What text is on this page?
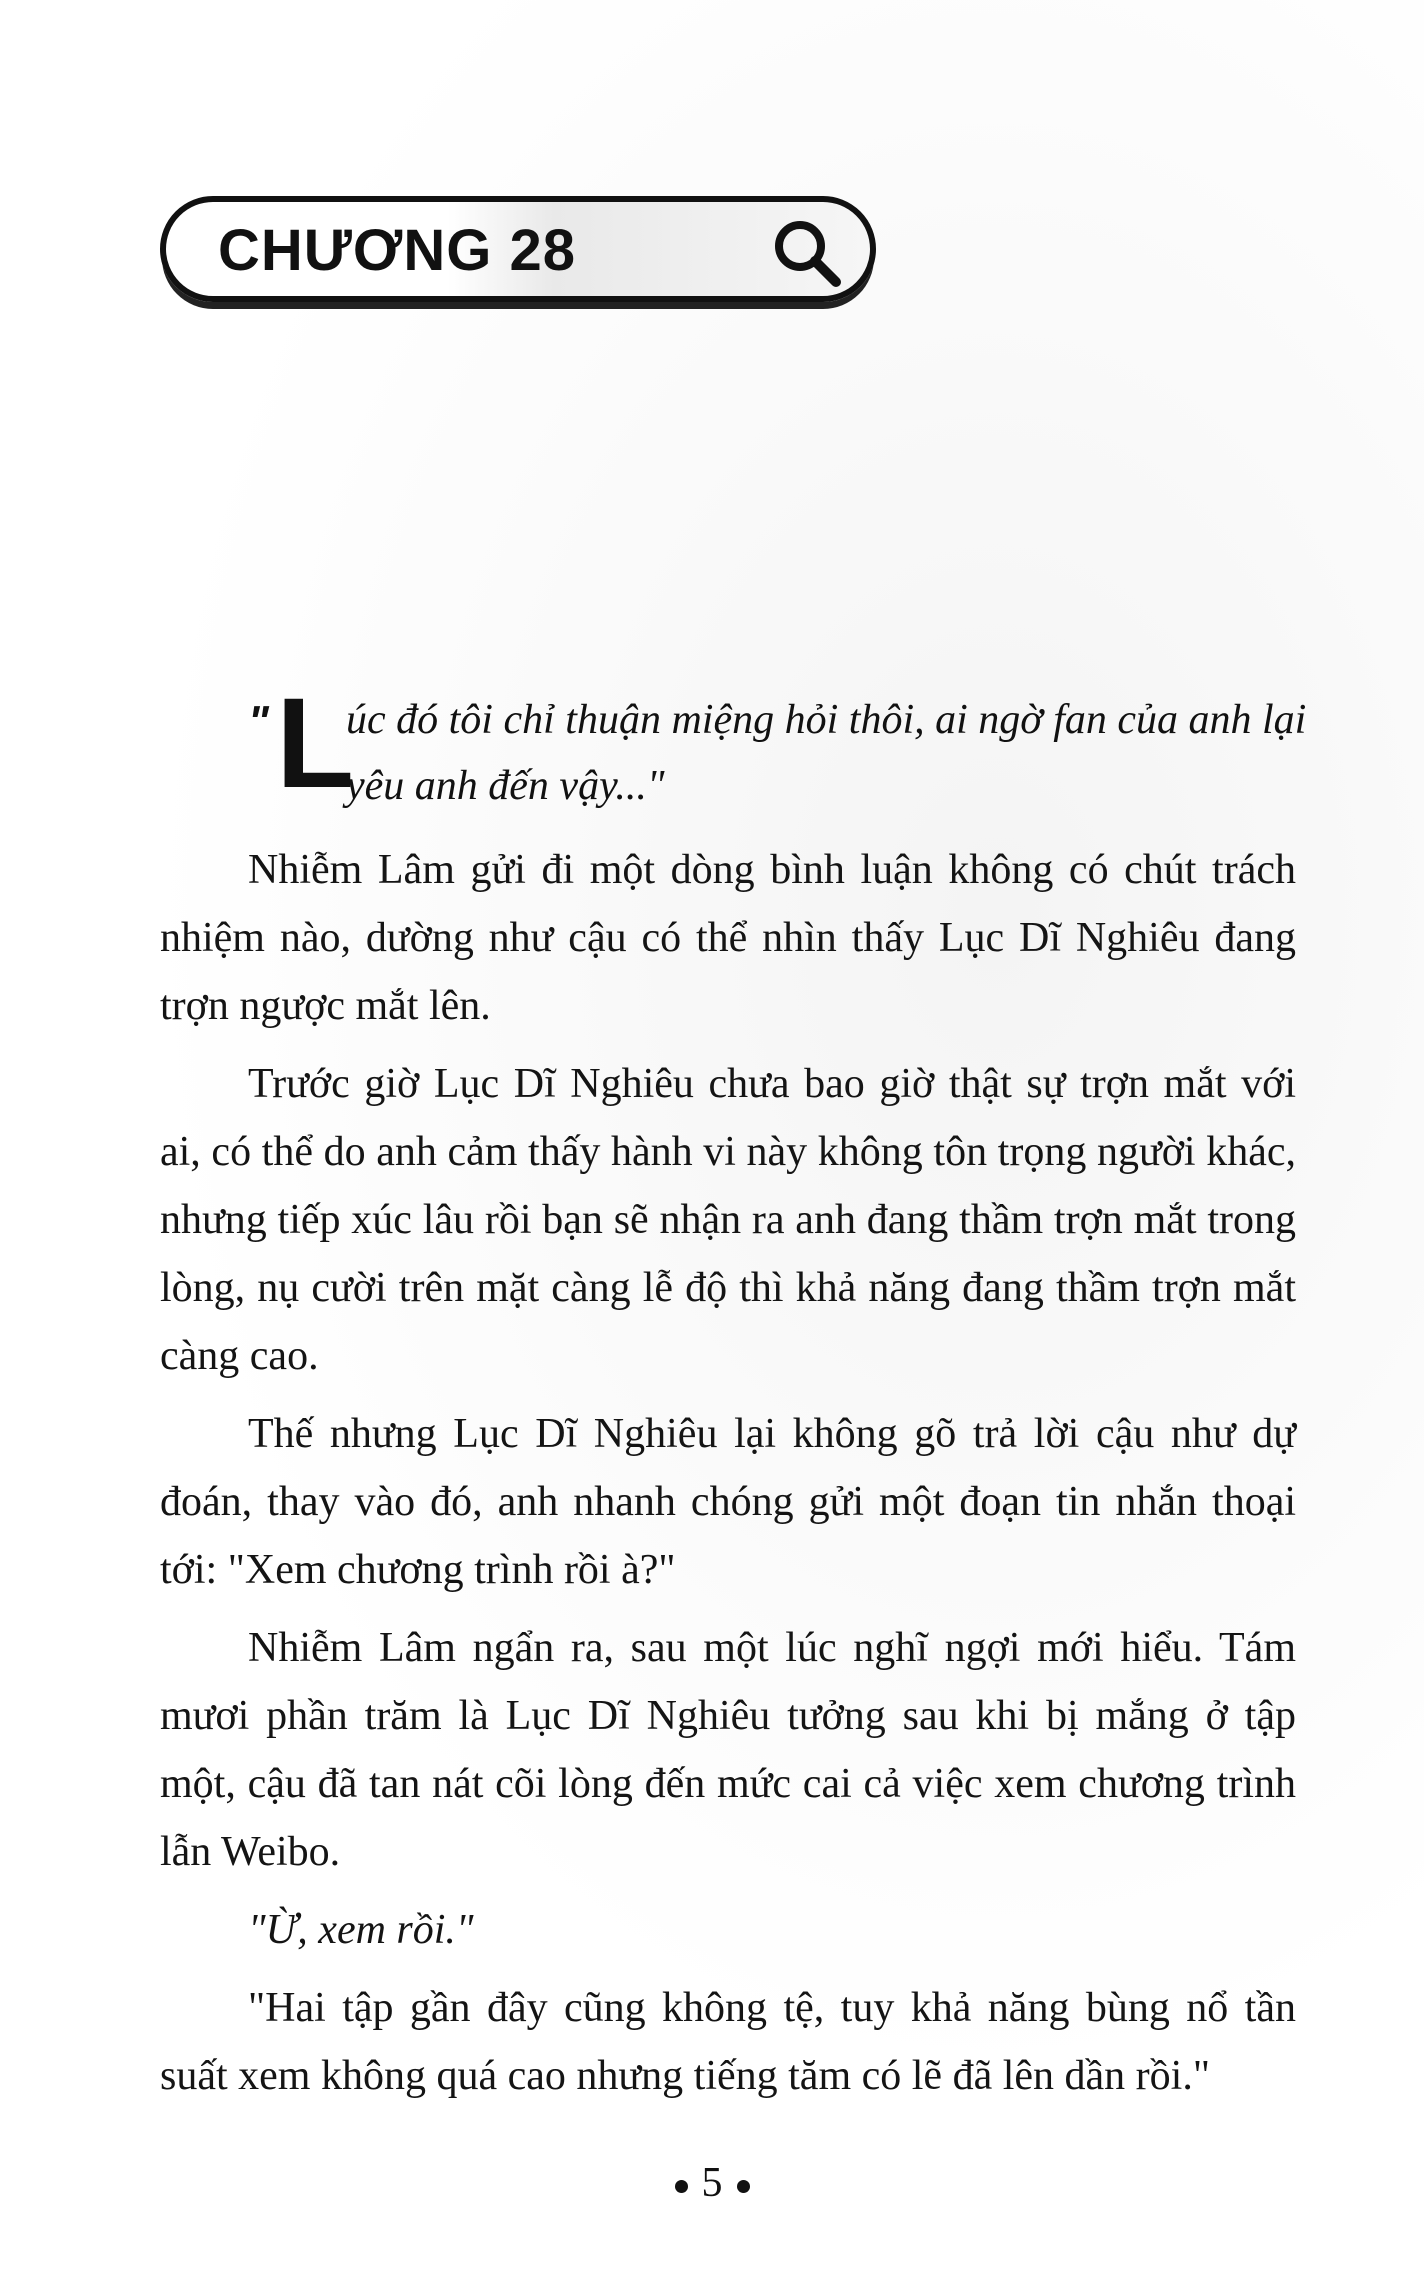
CHƯƠNG 28
" L
úc đó tôi chỉ thuận miệng hỏi thôi, ai ngờ fan của anh lại
yêu anh đến vậy..."

Nhiễm Lâm gửi đi một dòng bình luận không có chút trách nhiệm nào, dường như cậu có thể nhìn thấy Lục Dĩ Nghiêu đang trợn ngược mắt lên.

Trước giờ Lục Dĩ Nghiêu chưa bao giờ thật sự trợn mắt với ai, có thể do anh cảm thấy hành vi này không tôn trọng người khác, nhưng tiếp xúc lâu rồi bạn sẽ nhận ra anh đang thầm trợn mắt trong lòng, nụ cười trên mặt càng lễ độ thì khả năng đang thầm trợn mắt càng cao.

Thế nhưng Lục Dĩ Nghiêu lại không gõ trả lời cậu như dự đoán, thay vào đó, anh nhanh chóng gửi một đoạn tin nhắn thoại tới: "Xem chương trình rồi à?"

Nhiễm Lâm ngẩn ra, sau một lúc nghĩ ngợi mới hiểu. Tám mươi phần trăm là Lục Dĩ Nghiêu tưởng sau khi bị mắng ở tập một, cậu đã tan nát cõi lòng đến mức cai cả việc xem chương trình lẫn Weibo.

"Ừ, xem rồi."

"Hai tập gần đây cũng không tệ, tuy khả năng bùng nổ tần suất xem không quá cao nhưng tiếng tăm có lẽ đã lên dần rồi."

5
